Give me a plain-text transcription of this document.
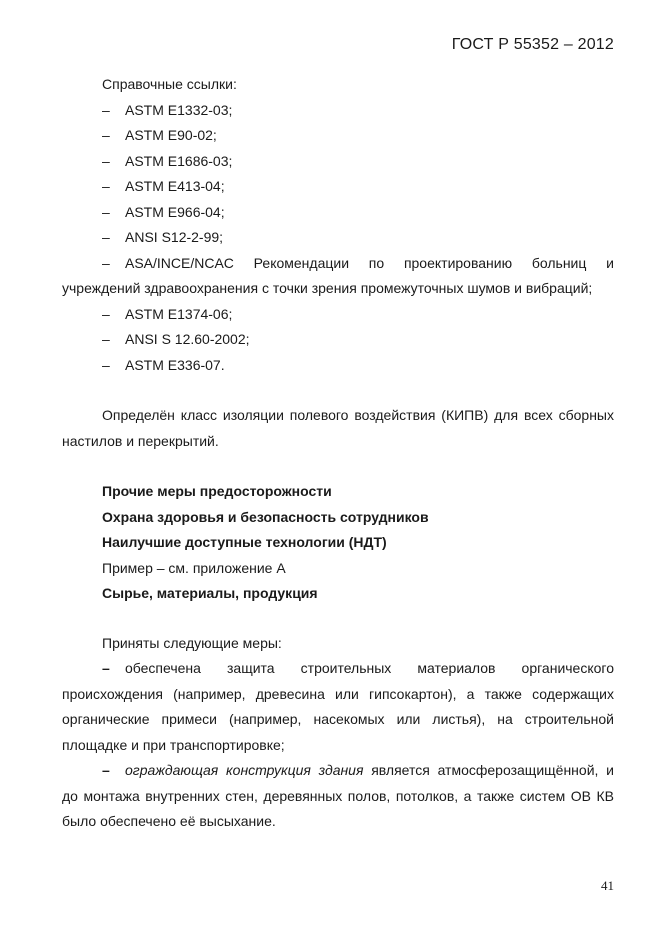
ГОСТ Р 55352 – 2012
Справочные ссылки:
–	ASTM E1332-03;
–	ASTM E90-02;
–	ASTM E1686-03;
–	ASTM E413-04;
–	ASTM E966-04;
–	ANSI S12-2-99;
–	ASA/INCE/NCAC Рекомендации по проектированию больниц и
учреждений здравоохранения с точки зрения промежуточных шумов и вибраций;
–	ASTM E1374-06;
–	ANSI S 12.60-2002;
–	ASTM E336-07.
Определён класс изоляции полевого воздействия (КИПВ) для всех сборных настилов и перекрытий.
Прочие меры предосторожности
Охрана здоровья и безопасность сотрудников
Наилучшие доступные технологии (НДТ)
Пример – см. приложение А
Сырье, материалы, продукция
Приняты следующие меры:
– обеспечена защита строительных материалов органического происхождения (например, древесина или гипсокартон), а также содержащих органические примеси (например, насекомых или листья), на строительной площадке и при транспортировке;
– ограждающая конструкция здания является атмосферозащищённой, и до монтажа внутренних стен, деревянных полов, потолков, а также систем ОВ КВ было обеспечено её высыхание.
41
